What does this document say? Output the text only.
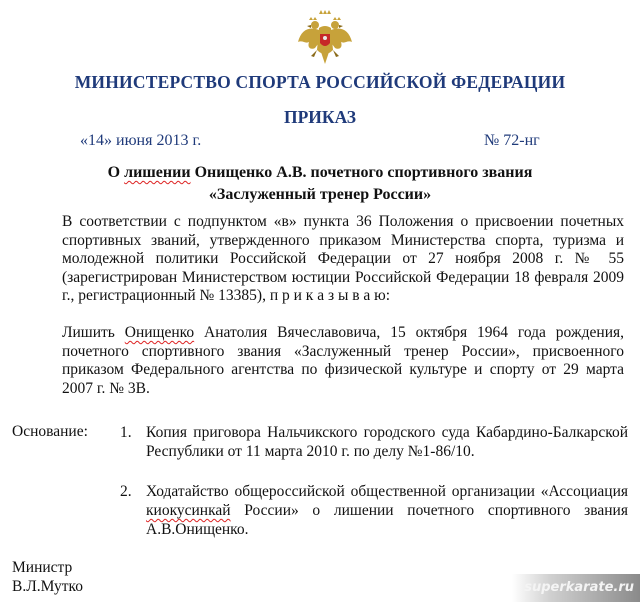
МИНИСТЕРСТВО СПОРТА РОССИЙСКОЙ ФЕДЕРАЦИИ
ПРИКАЗ
«14» июня 2013 г.	№ 72-нг
О лишении Онищенко А.В. почетного спортивного звания
«Заслуженный тренер России»
В соответствии с подпунктом «в» пункта 36 Положения о присвоении почетных спортивных званий, утвержденного приказом Министерства спорта, туризма и молодежной политики Российской Федерации от 27 ноября 2008 г. № 55 (зарегистрирован Министерством юстиции Российской Федерации 18 февраля 2009 г., регистрационный № 13385), п р и к а з ы в а ю:
Лишить Онищенко Анатолия Вячеславовича, 15 октября 1964 года рождения, почетного спортивного звания «Заслуженный тренер России», присвоенного приказом Федерального агентства по физической культуре и спорту от 29 марта 2007 г. № 3В.
Основание: 1. Копия приговора Нальчикского городского суда Кабардино-Балкарской Республики от 11 марта 2010 г. по делу №1-86/10.
2. Ходатайство общероссийской общественной организации «Ассоциация киокусинкай России» о лишении почетного спортивного звания А.В.Онищенко.
Министр
В.Л.Мутко	superkarate.ru
